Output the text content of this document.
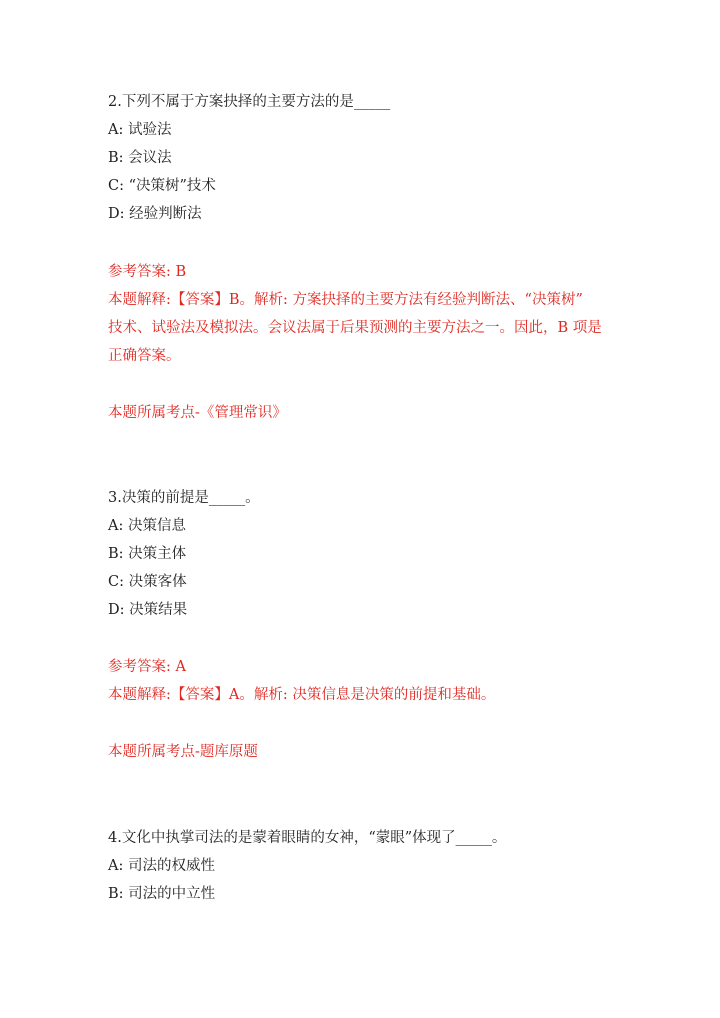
2.下列不属于方案抉择的主要方法的是_____
A: 试验法
B: 会议法
C: “决策树”技术
D: 经验判断法
参考答案: B
本题解释:【答案】B。解析: 方案抉择的主要方法有经验判断法、“决策树”
技术、试验法及模拟法。会议法属于后果预测的主要方法之一。因此，B 项是
正确答案。
本题所属考点-《管理常识》
3.决策的前提是_____。
A: 决策信息
B: 决策主体
C: 决策客体
D: 决策结果
参考答案: A
本题解释:【答案】A。解析: 决策信息是决策的前提和基础。
本题所属考点-题库原题
4.文化中执掌司法的是蒙着眼睛的女神，“蒙眼”体现了_____。
A: 司法的权威性
B: 司法的中立性
